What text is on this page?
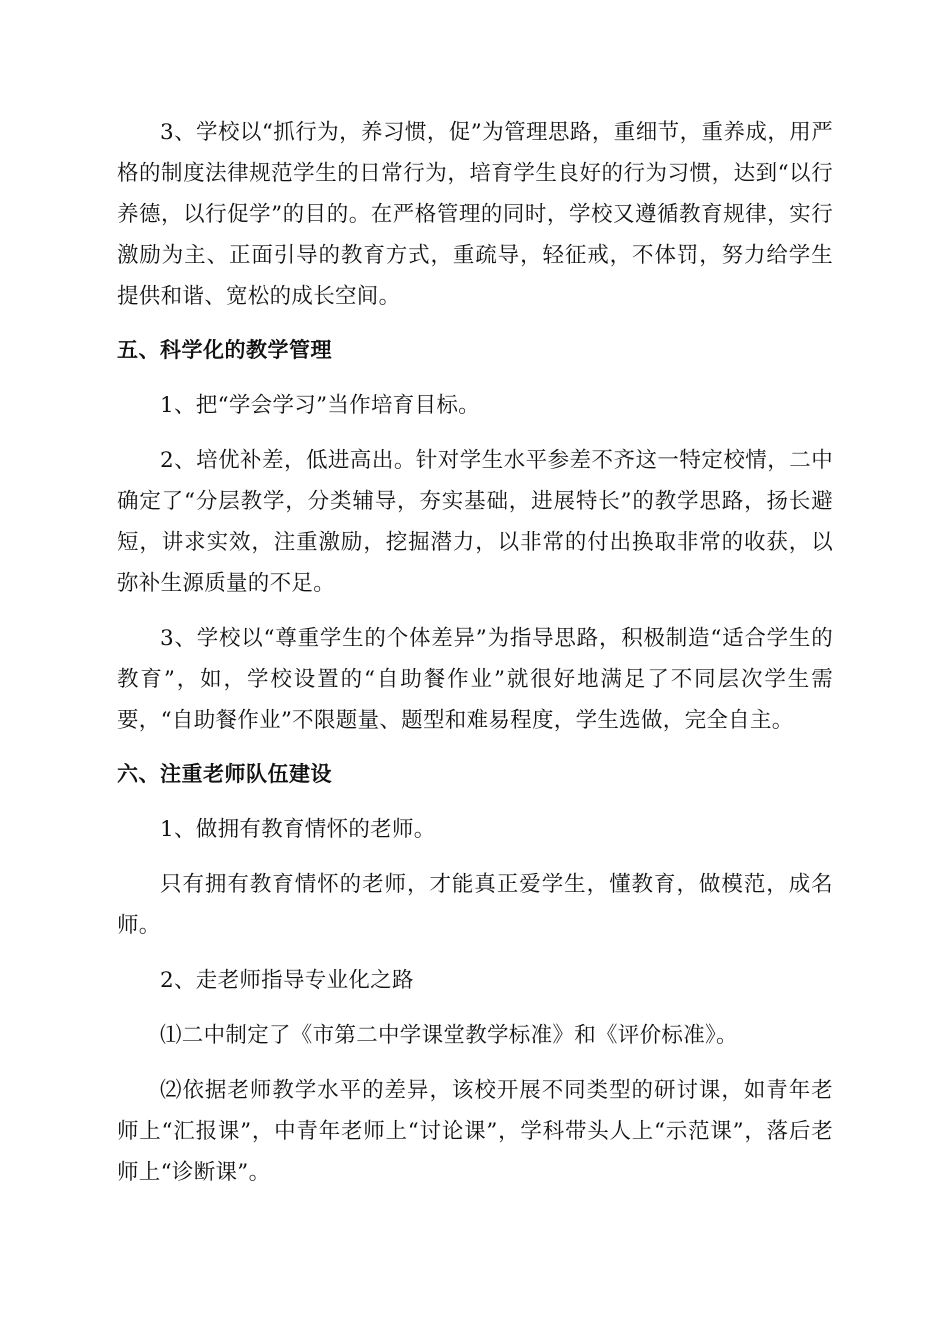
3、学校以“抓行为，养习惯，促”为管理思路，重细节，重养成，用严格的制度法律规范学生的日常行为，培育学生良好的行为习惯，达到“以行养德，以行促学”的目的。在严格管理的同时，学校又遵循教育规律，实行激励为主、正面引导的教育方式，重疏导，轻征戒，不体罚，努力给学生提供和谐、宽松的成长空间。

五、科学化的教学管理

1、把“学会学习”当作培育目标。

2、培优补差，低进高出。针对学生水平参差不齐这一特定校情，二中确定了“分层教学，分类辅导，夯实基础，进展特长”的教学思路，扬长避短，讲求实效，注重激励，挖掘潜力，以非常的付出换取非常的收获，以弥补生源质量的不足。

3、学校以“尊重学生的个体差异”为指导思路，积极制造“适合学生的教育”，如，学校设置的“自助餐作业”就很好地满足了不同层次学生需要，“自助餐作业”不限题量、题型和难易程度，学生选做，完全自主。

六、注重老师队伍建设

1、做拥有教育情怀的老师。

只有拥有教育情怀的老师，才能真正爱学生，懂教育，做模范，成名师。

2、走老师指导专业化之路

⑴二中制定了《市第二中学课堂教学标准》和《评价标准》。

⑵依据老师教学水平的差异，该校开展不同类型的研讨课，如青年老师上“汇报课”，中青年老师上“讨论课”，学科带头人上“示范课”，落后老师上“诊断课”。
